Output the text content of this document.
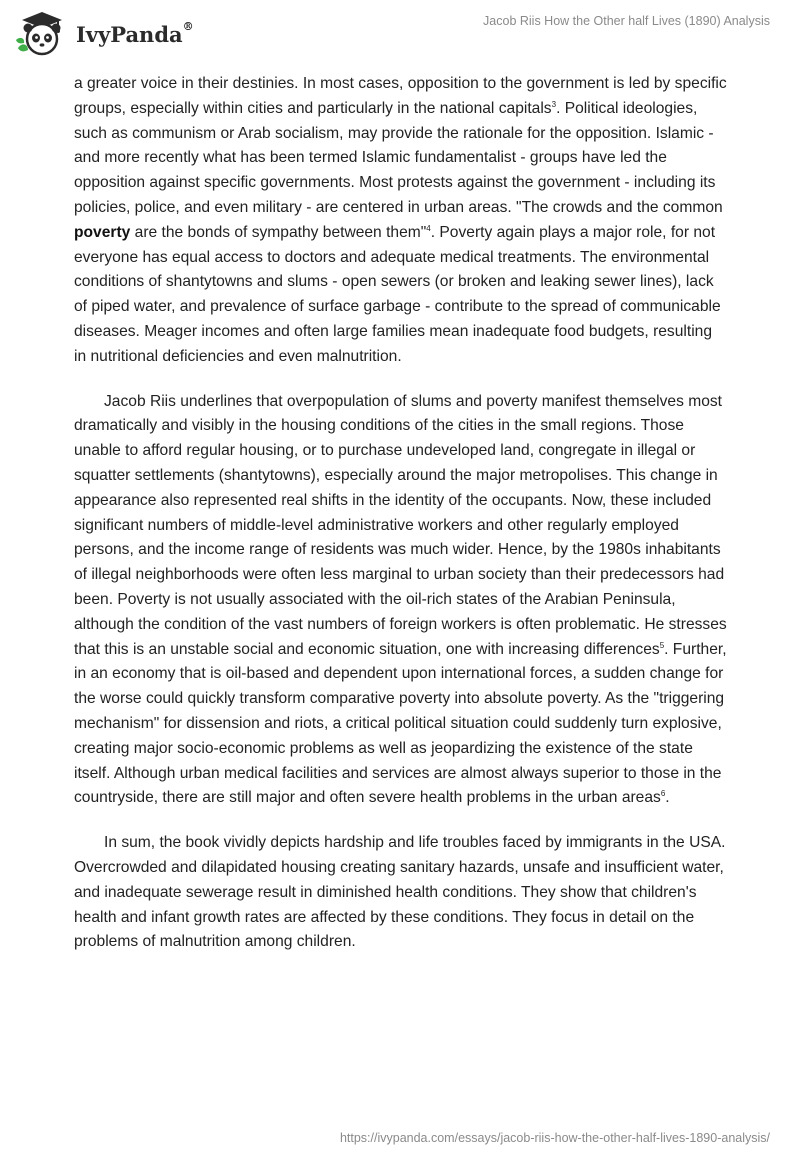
IvyPanda®	Jacob Riis How the Other half Lives (1890) Analysis

a greater voice in their destinies. In most cases, opposition to the government is led by specific groups, especially within cities and particularly in the national capitals$^3$. Political ideologies, such as communism or Arab socialism, may provide the rationale for the opposition. Islamic - and more recently what has been termed Islamic fundamentalist - groups have led the opposition against specific governments. Most protests against the government - including its policies, police, and even military - are centered in urban areas. "The crowds and the common poverty are the bonds of sympathy between them"$^4$. Poverty again plays a major role, for not everyone has equal access to doctors and adequate medical treatments. The environmental conditions of shantytowns and slums - open sewers (or broken and leaking sewer lines), lack of piped water, and prevalence of surface garbage - contribute to the spread of communicable diseases. Meager incomes and often large families mean inadequate food budgets, resulting in nutritional deficiencies and even malnutrition.

Jacob Riis underlines that overpopulation of slums and poverty manifest themselves most dramatically and visibly in the housing conditions of the cities in the small regions. Those unable to afford regular housing, or to purchase undeveloped land, congregate in illegal or squatter settlements (shantytowns), especially around the major metropolises. This change in appearance also represented real shifts in the identity of the occupants. Now, these included significant numbers of middle-level administrative workers and other regularly employed persons, and the income range of residents was much wider. Hence, by the 1980s inhabitants of illegal neighborhoods were often less marginal to urban society than their predecessors had been. Poverty is not usually associated with the oil-rich states of the Arabian Peninsula, although the condition of the vast numbers of foreign workers is often problematic. He stresses that this is an unstable social and economic situation, one with increasing differences$^5$. Further, in an economy that is oil-based and dependent upon international forces, a sudden change for the worse could quickly transform comparative poverty into absolute poverty. As the "triggering mechanism" for dissension and riots, a critical political situation could suddenly turn explosive, creating major socio-economic problems as well as jeopardizing the existence of the state itself. Although urban medical facilities and services are almost always superior to those in the countryside, there are still major and often severe health problems in the urban areas$^6$.

In sum, the book vividly depicts hardship and life troubles faced by immigrants in the USA. Overcrowded and dilapidated housing creating sanitary hazards, unsafe and insufficient water, and inadequate sewerage result in diminished health conditions. They show that children's health and infant growth rates are affected by these conditions. They focus in detail on the problems of malnutrition among children.

https://ivypanda.com/essays/jacob-riis-how-the-other-half-lives-1890-analysis/
